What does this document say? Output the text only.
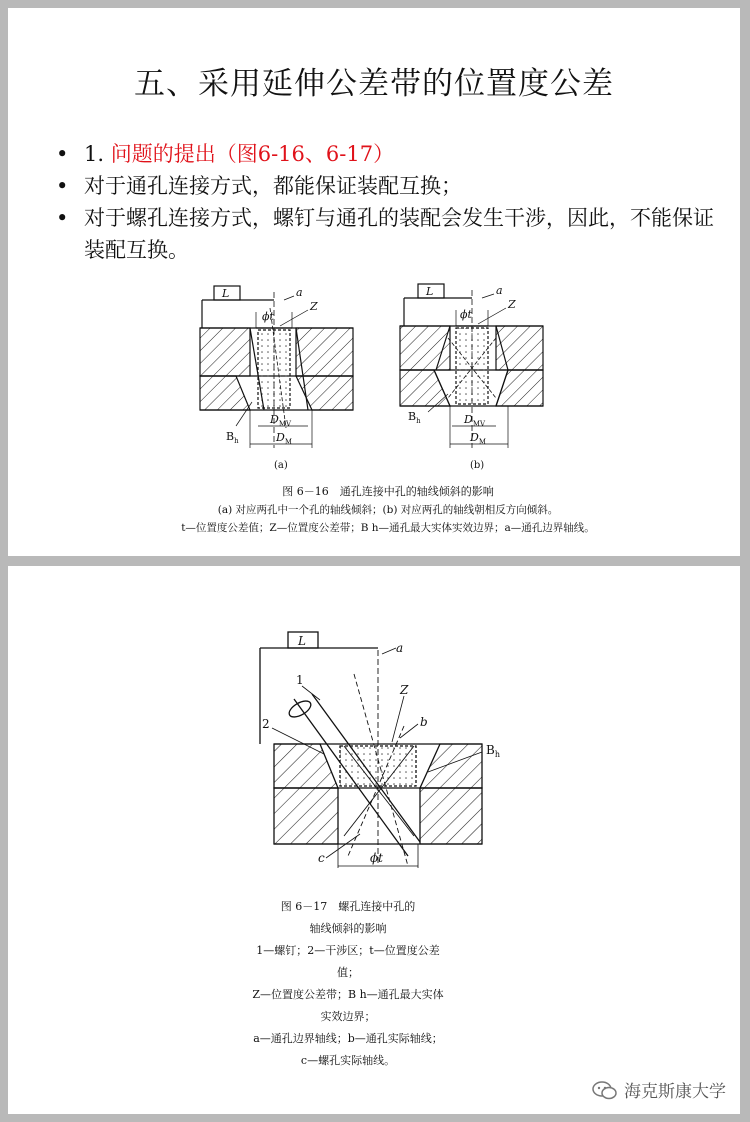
五、采用延伸公差带的位置度公差
• 1. 问题的提出（图6-16、6-17）
• 对于通孔连接方式，都能保证装配互换；
• 对于螺孔连接方式，螺钉与通孔的装配会发生干涉，因此，不能保证装配互换。
L	a
ϕt
Z
$B_h$
$D_{MV}$
$D_M$
(a)
L	a
ϕt
Z
$B_h$	$D_{MV}$
$D_M$
(b)
图 6－16　通孔连接中孔的轴线倾斜的影响
(a) 对应两孔中一个孔的轴线倾斜；(b) 对应两孔的轴线朝相反方向倾斜。
t—位置度公差值；Z—位置度公差带；B h—通孔最大实体实效边界；a—通孔边界轴线。
L	a
1
2
Z
b
$B_h$
c	ϕt
图 6－17　螺孔连接中孔的
轴线倾斜的影响
1—螺钉；2—干涉区；t—位置度公差值；
Z—位置度公差带；B h—通孔最大实体实效边界；
a—通孔边界轴线；b—通孔实际轴线；
c—螺孔实际轴线。
海克斯康大学
